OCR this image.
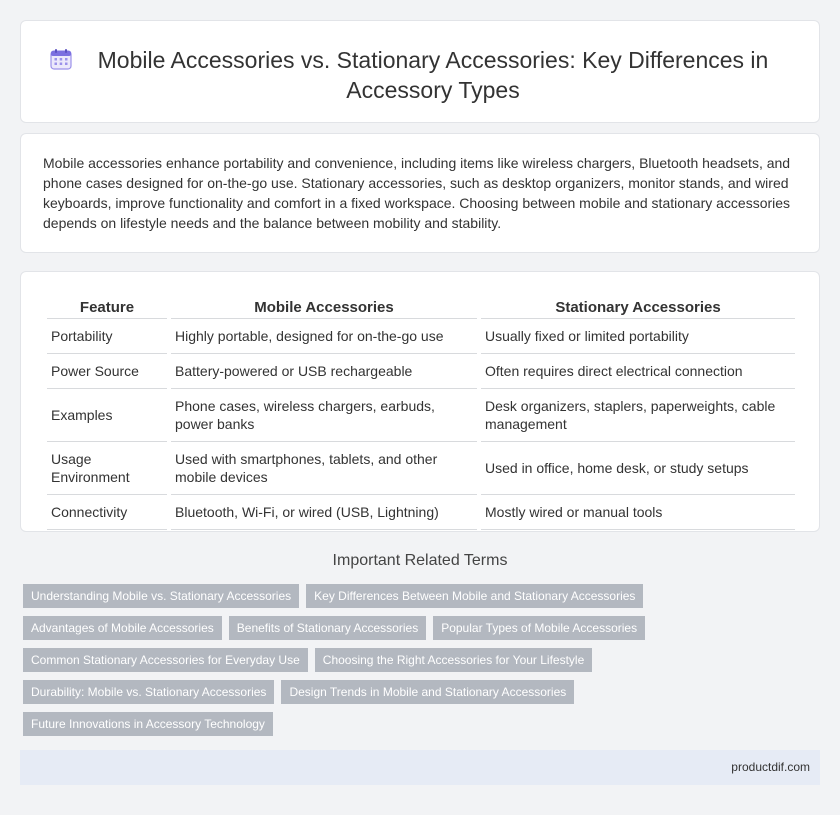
Mobile Accessories vs. Stationary Accessories: Key Differences in Accessory Types

Mobile accessories enhance portability and convenience, including items like wireless chargers, Bluetooth headsets, and phone cases designed for on-the-go use. Stationary accessories, such as desktop organizers, monitor stands, and wired keyboards, improve functionality and comfort in a fixed workspace. Choosing between mobile and stationary accessories depends on lifestyle needs and the balance between mobility and stability.

Feature	Mobile Accessories	Stationary Accessories
Portability	Highly portable, designed for on-the-go use	Usually fixed or limited portability
Power Source	Battery-powered or USB rechargeable	Often requires direct electrical connection
Examples	Phone cases, wireless chargers, earbuds, power banks	Desk organizers, staplers, paperweights, cable management
Usage Environment	Used with smartphones, tablets, and other mobile devices	Used in office, home desk, or study setups
Connectivity	Bluetooth, Wi-Fi, or wired (USB, Lightning)	Mostly wired or manual tools
Important Related Terms
Understanding Mobile vs. Stationary Accessories	Key Differences Between Mobile and Stationary Accessories
Advantages of Mobile Accessories	Benefits of Stationary Accessories	Popular Types of Mobile Accessories
Common Stationary Accessories for Everyday Use	Choosing the Right Accessories for Your Lifestyle
Durability: Mobile vs. Stationary Accessories	Design Trends in Mobile and Stationary Accessories
Future Innovations in Accessory Technology
productdif.com
